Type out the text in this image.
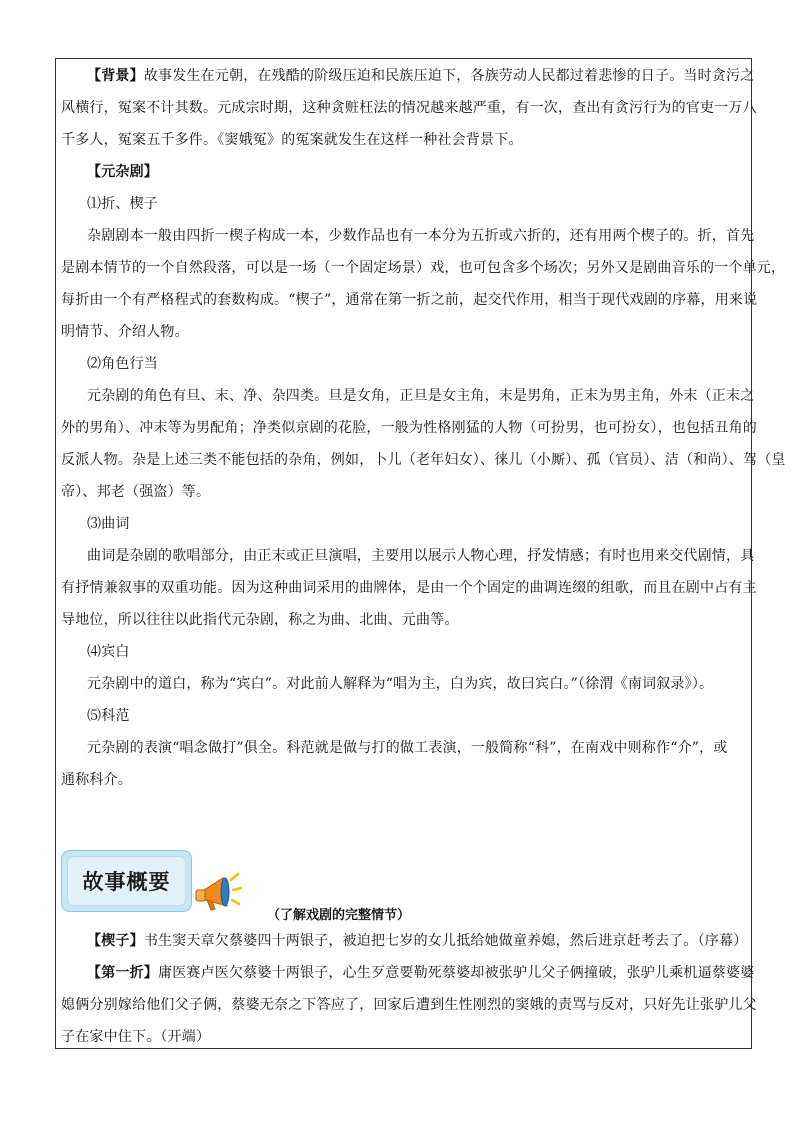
【背景】故事发生在元朝，在残酷的阶级压迫和民族压迫下，各族劳动人民都过着悲惨的日子。当时贪污之

风横行，冤案不计其数。元成宗时期，这种贪赃枉法的情况越来越严重，有一次，查出有贪污行为的官吏一万八

千多人，冤案五千多件。《窦娥冤》的冤案就发生在这样一种社会背景下。

【元杂剧】

⑴折、楔子

杂剧剧本一般由四折一楔子构成一本，少数作品也有一本分为五折或六折的，还有用两个楔子的。折，首先

是剧本情节的一个自然段落，可以是一场（一个固定场景）戏，也可包含多个场次；另外又是剧曲音乐的一个单元，

每折由一个有严格程式的套数构成。“楔子”，通常在第一折之前，起交代作用，相当于现代戏剧的序幕，用来说

明情节、介绍人物。

⑵角色行当

元杂剧的角色有旦、末、净、杂四类。旦是女角，正旦是女主角，末是男角，正末为男主角，外末（正末之

外的男角）、冲末等为男配角；净类似京剧的花脸，一般为性格刚猛的人物（可扮男，也可扮女），也包括丑角的

反派人物。杂是上述三类不能包括的杂角，例如，卜儿（老年妇女）、徕儿（小厮）、孤（官员）、洁（和尚）、驾（皇

帝）、邦老（强盗）等。

⑶曲词

曲词是杂剧的歌唱部分，由正末或正旦演唱，主要用以展示人物心理，抒发情感；有时也用来交代剧情，具

有抒情兼叙事的双重功能。因为这种曲词采用的曲牌体，是由一个个固定的曲调连缀的组歌，而且在剧中占有主

导地位，所以往往以此指代元杂剧，称之为曲、北曲、元曲等。

⑷宾白

元杂剧中的道白，称为“宾白”。对此前人解释为“唱为主，白为宾，故曰宾白。”（徐渭《南词叙录》）。

⑸科范

元杂剧的表演“唱念做打”俱全。科范就是做与打的做工表演，一般简称“科”，在南戏中则称作“介”，或

通称科介。

故事概要
（了解戏剧的完整情节）

【楔子】书生窦天章欠蔡婆四十两银子，被迫把七岁的女儿抵给她做童养媳，然后进京赶考去了。（序幕）

【第一折】庸医赛卢医欠蔡婆十两银子，心生歹意要勒死蔡婆却被张驴儿父子俩撞破，张驴儿乘机逼蔡婆婆

媳俩分别嫁给他们父子俩，蔡婆无奈之下答应了，回家后遭到生性刚烈的窦娥的责骂与反对，只好先让张驴儿父

子在家中住下。（开端）
